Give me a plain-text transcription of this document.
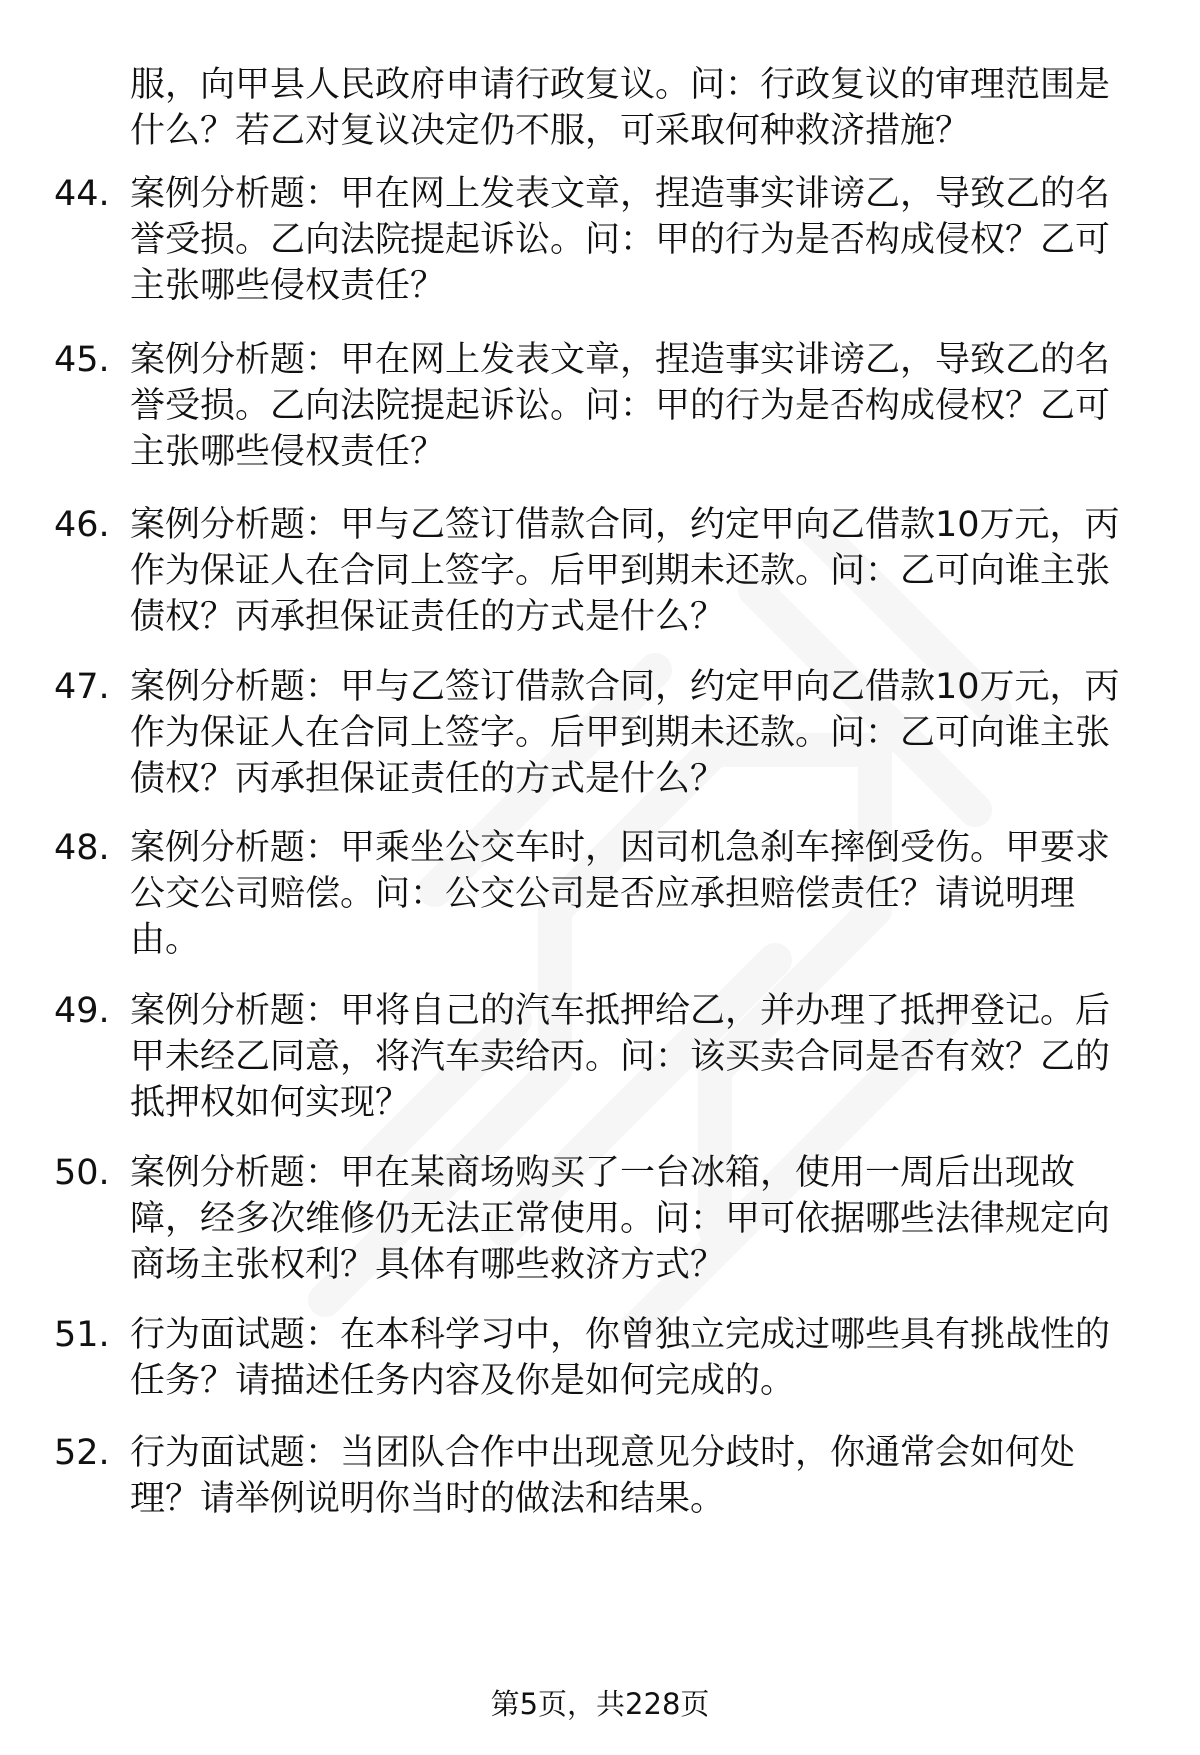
服，向甲县人民政府申请行政复议。问：行政复议的审理范围是什么？若乙对复议决定仍不服，可采取何种救济措施？
44. 案例分析题：甲在网上发表文章，捏造事实诽谤乙，导致乙的名誉受损。乙向法院提起诉讼。问：甲的行为是否构成侵权？乙可主张哪些侵权责任？
45. 案例分析题：甲在网上发表文章，捏造事实诽谤乙，导致乙的名誉受损。乙向法院提起诉讼。问：甲的行为是否构成侵权？乙可主张哪些侵权责任？
46. 案例分析题：甲与乙签订借款合同，约定甲向乙借款10万元，丙作为保证人在合同上签字。后甲到期未还款。问：乙可向谁主张债权？丙承担保证责任的方式是什么？
47. 案例分析题：甲与乙签订借款合同，约定甲向乙借款10万元，丙作为保证人在合同上签字。后甲到期未还款。问：乙可向谁主张债权？丙承担保证责任的方式是什么？
48. 案例分析题：甲乘坐公交车时，因司机急刹车摔倒受伤。甲要求公交公司赔偿。问：公交公司是否应承担赔偿责任？请说明理由。
49. 案例分析题：甲将自己的汽车抵押给乙，并办理了抵押登记。后甲未经乙同意，将汽车卖给丙。问：该买卖合同是否有效？乙的抵押权如何实现？
50. 案例分析题：甲在某商场购买了一台冰箱，使用一周后出现故障，经多次维修仍无法正常使用。问：甲可依据哪些法律规定向商场主张权利？具体有哪些救济方式？
51. 行为面试题：在本科学习中，你曾独立完成过哪些具有挑战性的任务？请描述任务内容及你是如何完成的。
52. 行为面试题：当团队合作中出现意见分歧时，你通常会如何处理？请举例说明你当时的做法和结果。
第5页，共228页
